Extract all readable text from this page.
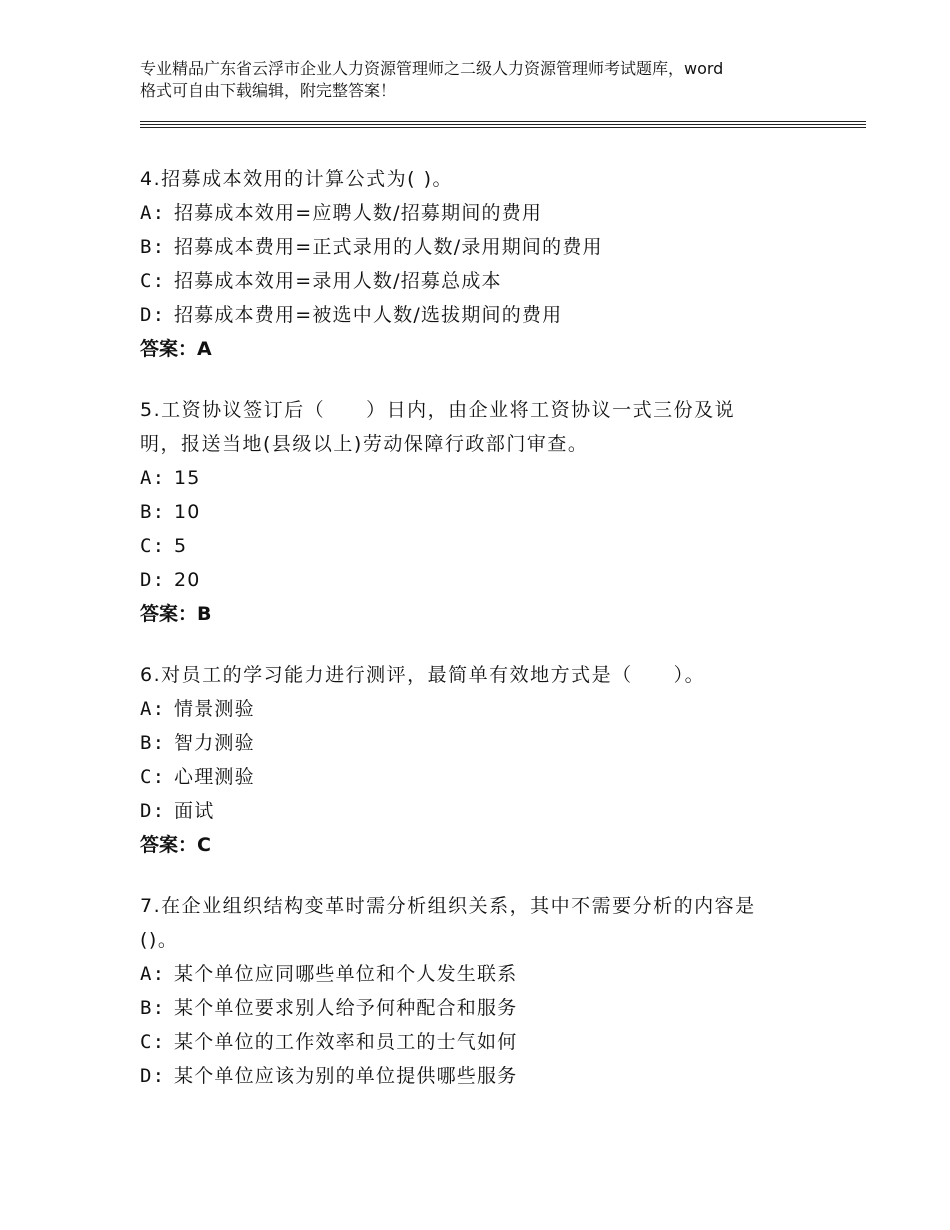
专业精品广东省云浮市企业人力资源管理师之二级人力资源管理师考试题库，word
格式可自由下载编辑，附完整答案！

4.招募成本效用的计算公式为( )。

A: 招募成本效用=应聘人数/招募期间的费用

B: 招募成本费用=正式录用的人数/录用期间的费用

C: 招募成本效用=录用人数/招募总成本

D: 招募成本费用=被选中人数/选拔期间的费用

答案：A

5.工资协议签订后（　　）日内，由企业将工资协议一式三份及说

明，报送当地(县级以上)劳动保障行政部门审查。

A: 15

B: 10

C: 5

D: 20

答案：B

6.对员工的学习能力进行测评，最简单有效地方式是（　　）。

A: 情景测验

B: 智力测验

C: 心理测验

D: 面试

答案：C

7.在企业组织结构变革时需分析组织关系，其中不需要分析的内容是

()。

A: 某个单位应同哪些单位和个人发生联系

B: 某个单位要求别人给予何种配合和服务

C: 某个单位的工作效率和员工的士气如何

D: 某个单位应该为别的单位提供哪些服务
